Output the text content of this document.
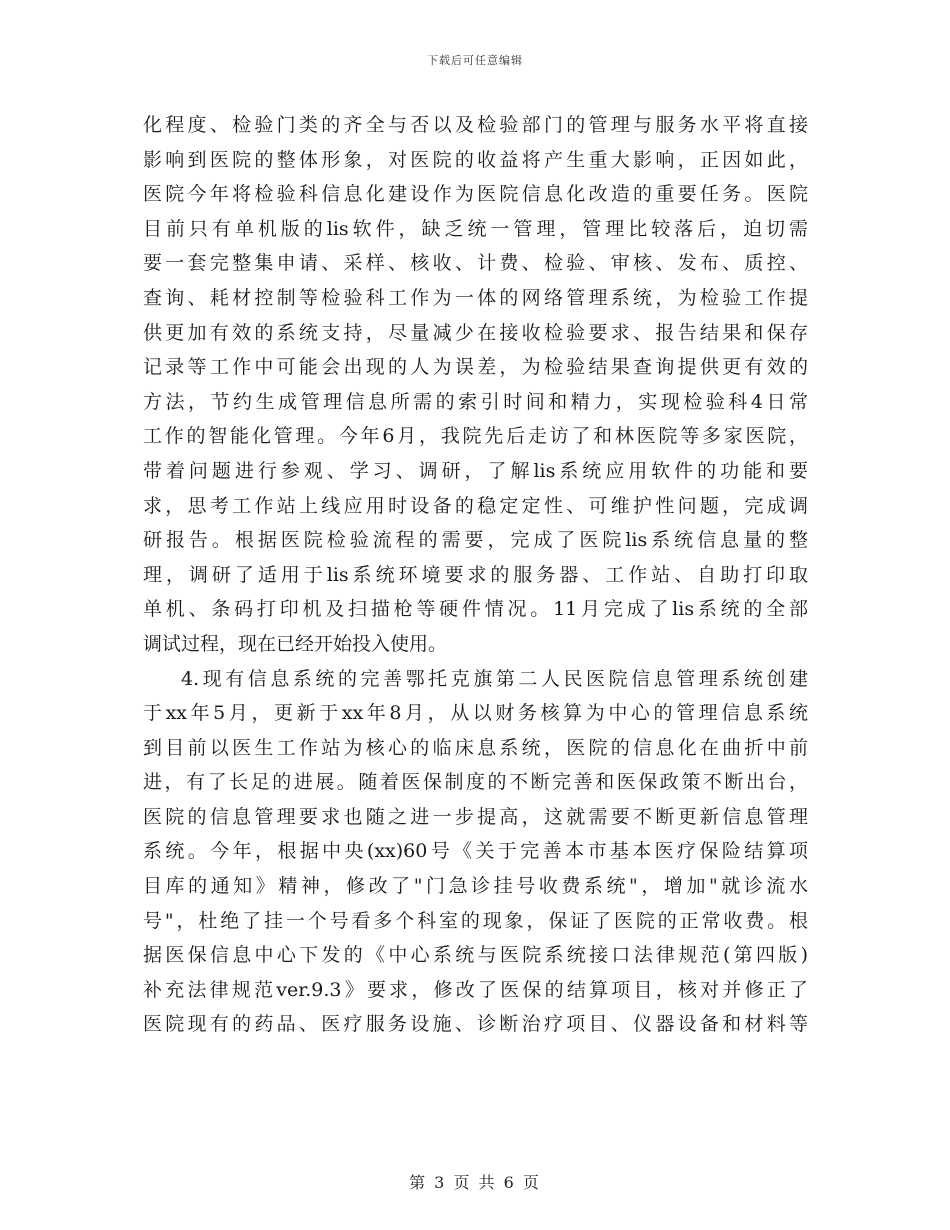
下载后可任意编辑
化程度、检验门类的齐全与否以及检验部门的管理与服务水平将直接
影响到医院的整体形象，对医院的收益将产生重大影响，正因如此，
医院今年将检验科信息化建设作为医院信息化改造的重要任务。医院
目前只有单机版的lis软件，缺乏统一管理，管理比较落后，迫切需
要一套完整集申请、采样、核收、计费、检验、审核、发布、质控、
查询、耗材控制等检验科工作为一体的网络管理系统，为检验工作提
供更加有效的系统支持，尽量减少在接收检验要求、报告结果和保存
记录等工作中可能会出现的人为误差，为检验结果查询提供更有效的
方法，节约生成管理信息所需的索引时间和精力，实现检验科4日常
工作的智能化管理。今年6月，我院先后走访了和林医院等多家医院，
带着问题进行参观、学习、调研，了解lis系统应用软件的功能和要
求，思考工作站上线应用时设备的稳定定性、可维护性问题，完成调
研报告。根据医院检验流程的需要，完成了医院lis系统信息量的整
理，调研了适用于lis系统环境要求的服务器、工作站、自助打印取
单机、条码打印机及扫描枪等硬件情况。11月完成了lis系统的全部
调试过程，现在已经开始投入使用。
4.现有信息系统的完善鄂托克旗第二人民医院信息管理系统创建
于xx年5月，更新于xx年8月，从以财务核算为中心的管理信息系统
到目前以医生工作站为核心的临床息系统，医院的信息化在曲折中前
进，有了长足的进展。随着医保制度的不断完善和医保政策不断出台，
医院的信息管理要求也随之进一步提高，这就需要不断更新信息管理
系统。今年，根据中央(xx)60号《关于完善本市基本医疗保险结算项
目库的通知》精神，修改了"门急诊挂号收费系统"，增加"就诊流水
号"，杜绝了挂一个号看多个科室的现象，保证了医院的正常收费。根
据医保信息中心下发的《中心系统与医院系统接口法律规范(第四版)
补充法律规范ver.9.3》要求，修改了医保的结算项目，核对并修正了
医院现有的药品、医疗服务设施、诊断治疗项目、仪器设备和材料等
第 3 页 共 6 页
